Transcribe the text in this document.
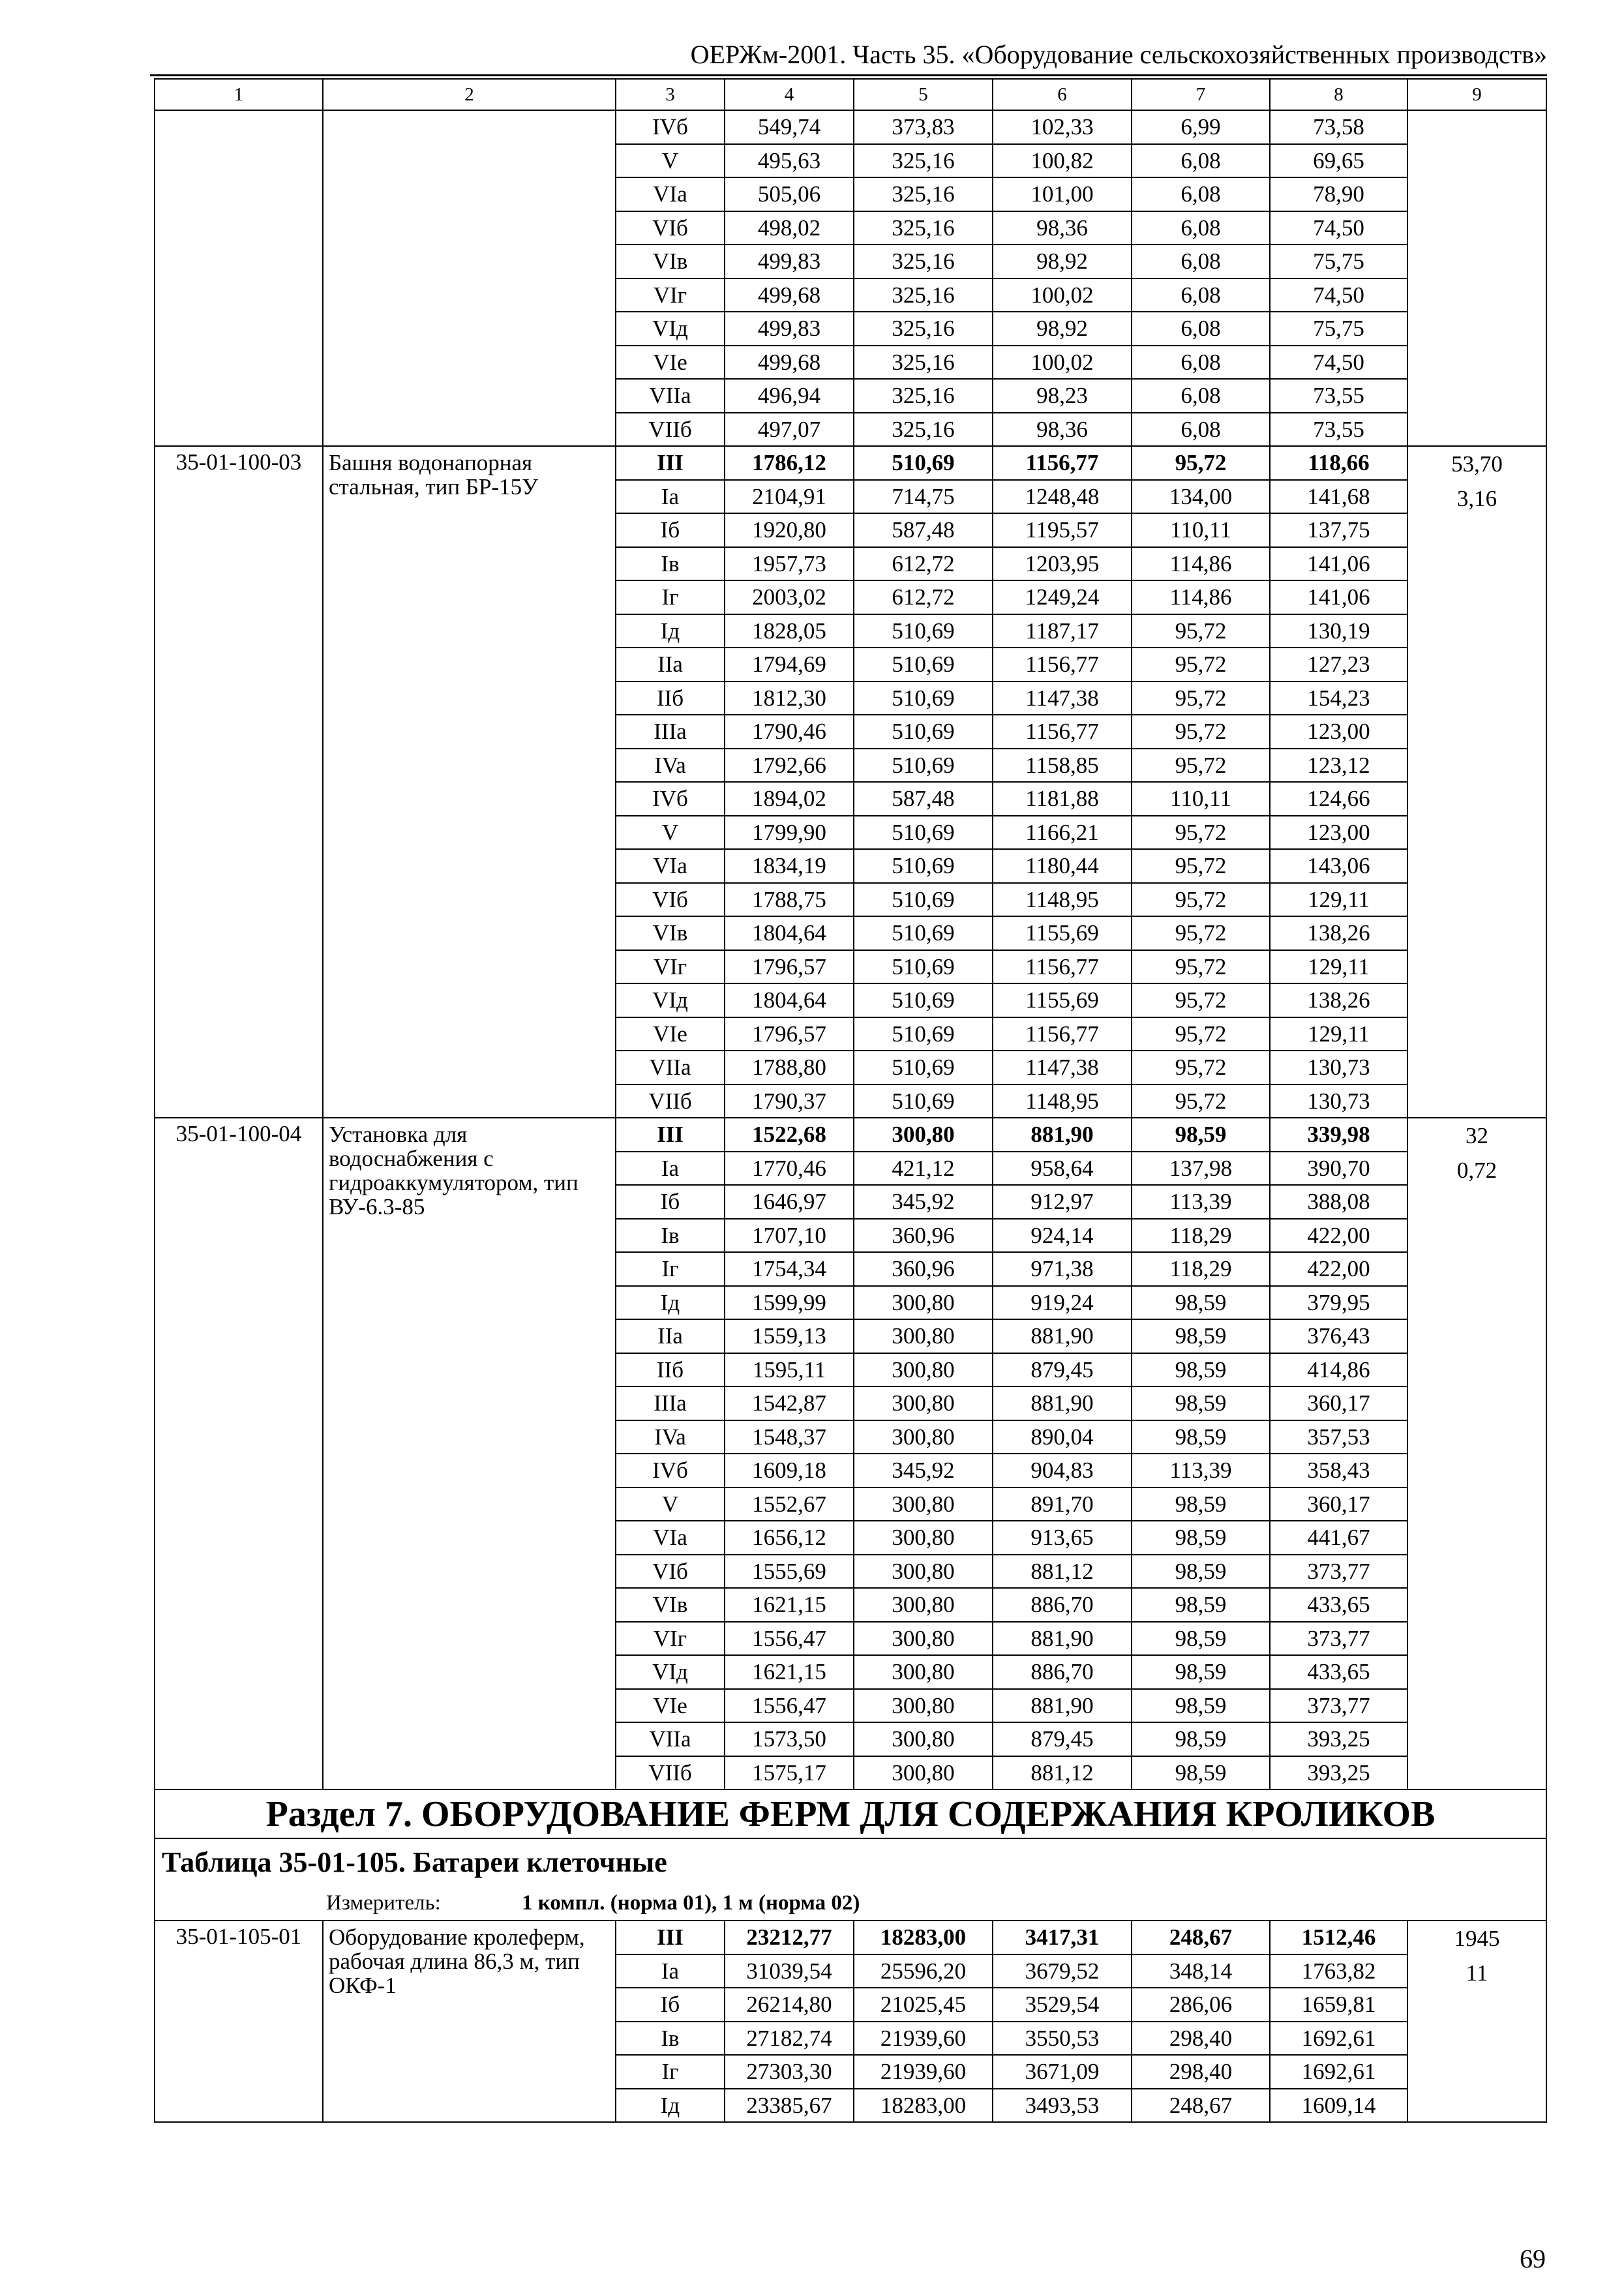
ОЕРЖм-2001. Часть 35. «Оборудование сельскохозяйственных производств»
1	2	3	4	5	6	7	8	9
		IVб	549,74	373,83	102,33	6,99	73,58	
		V	495,63	325,16	100,82	6,08	69,65	
		VIa	505,06	325,16	101,00	6,08	78,90	
		VIб	498,02	325,16	98,36	6,08	74,50	
		VIв	499,83	325,16	98,92	6,08	75,75	
		VIг	499,68	325,16	100,02	6,08	74,50	
		VIд	499,83	325,16	98,92	6,08	75,75	
		VIe	499,68	325,16	100,02	6,08	74,50	
		VIIa	496,94	325,16	98,23	6,08	73,55	
		VIIб	497,07	325,16	98,36	6,08	73,55	
35-01-100-03	Башня водонапорная стальная, тип БР-15У	III	1786,12	510,69	1156,77	95,72	118,66	53,70
3,16

		Ia	2104,91	714,75	1248,48	134,00	141,68	
		Iб	1920,80	587,48	1195,57	110,11	137,75	
		Iв	1957,73	612,72	1203,95	114,86	141,06	
		Iг	2003,02	612,72	1249,24	114,86	141,06	
		Iд	1828,05	510,69	1187,17	95,72	130,19	
		IIa	1794,69	510,69	1156,77	95,72	127,23	
		IIб	1812,30	510,69	1147,38	95,72	154,23	
		IIIa	1790,46	510,69	1156,77	95,72	123,00	
		IVa	1792,66	510,69	1158,85	95,72	123,12	
		IVб	1894,02	587,48	1181,88	110,11	124,66	
		V	1799,90	510,69	1166,21	95,72	123,00	
		VIa	1834,19	510,69	1180,44	95,72	143,06	
		VIб	1788,75	510,69	1148,95	95,72	129,11	
		VIв	1804,64	510,69	1155,69	95,72	138,26	
		VIг	1796,57	510,69	1156,77	95,72	129,11	
		VIд	1804,64	510,69	1155,69	95,72	138,26	
		VIe	1796,57	510,69	1156,77	95,72	129,11	
		VIIa	1788,80	510,69	1147,38	95,72	130,73	
		VIIб	1790,37	510,69	1148,95	95,72	130,73	
35-01-100-04	Установка для водоснабжения с гидроаккумулятором, тип ВУ-6.3-85	III	1522,68	300,80	881,90	98,59	339,98	32
0,72

		Ia	1770,46	421,12	958,64	137,98	390,70	
		Iб	1646,97	345,92	912,97	113,39	388,08	
		Iв	1707,10	360,96	924,14	118,29	422,00	
		Iг	1754,34	360,96	971,38	118,29	422,00	
		Iд	1599,99	300,80	919,24	98,59	379,95	
		IIa	1559,13	300,80	881,90	98,59	376,43	
		IIб	1595,11	300,80	879,45	98,59	414,86	
		IIIa	1542,87	300,80	881,90	98,59	360,17	
		IVa	1548,37	300,80	890,04	98,59	357,53	
		IVб	1609,18	345,92	904,83	113,39	358,43	
		V	1552,67	300,80	891,70	98,59	360,17	
		VIa	1656,12	300,80	913,65	98,59	441,67	
		VIб	1555,69	300,80	881,12	98,59	373,77	
		VIв	1621,15	300,80	886,70	98,59	433,65	
		VIг	1556,47	300,80	881,90	98,59	373,77	
		VIд	1621,15	300,80	886,70	98,59	433,65	
		VIe	1556,47	300,80	881,90	98,59	373,77	
		VIIa	1573,50	300,80	879,45	98,59	393,25	
		VIIб	1575,17	300,80	881,12	98,59	393,25	
Раздел 7. ОБОРУДОВАНИЕ ФЕРМ ДЛЯ СОДЕРЖАНИЯ КРОЛИКОВ								

Таблица 35-01-105. Батареи клеточные
Измеритель: 1 компл. (норма 01), 1 м (норма 02)								

35-01-105-01	Оборудование кролеферм, рабочая длина 86,3 м, тип ОКФ-1	III	23212,77	18283,00	3417,31	248,67	1512,46	1945
11

		Ia	31039,54	25596,20	3679,52	348,14	1763,82	
		Iб	26214,80	21025,45	3529,54	286,06	1659,81	
		Iв	27182,74	21939,60	3550,53	298,40	1692,61	
		Iг	27303,30	21939,60	3671,09	298,40	1692,61	
		Iд	23385,67	18283,00	3493,53	248,67	1609,14	
69
